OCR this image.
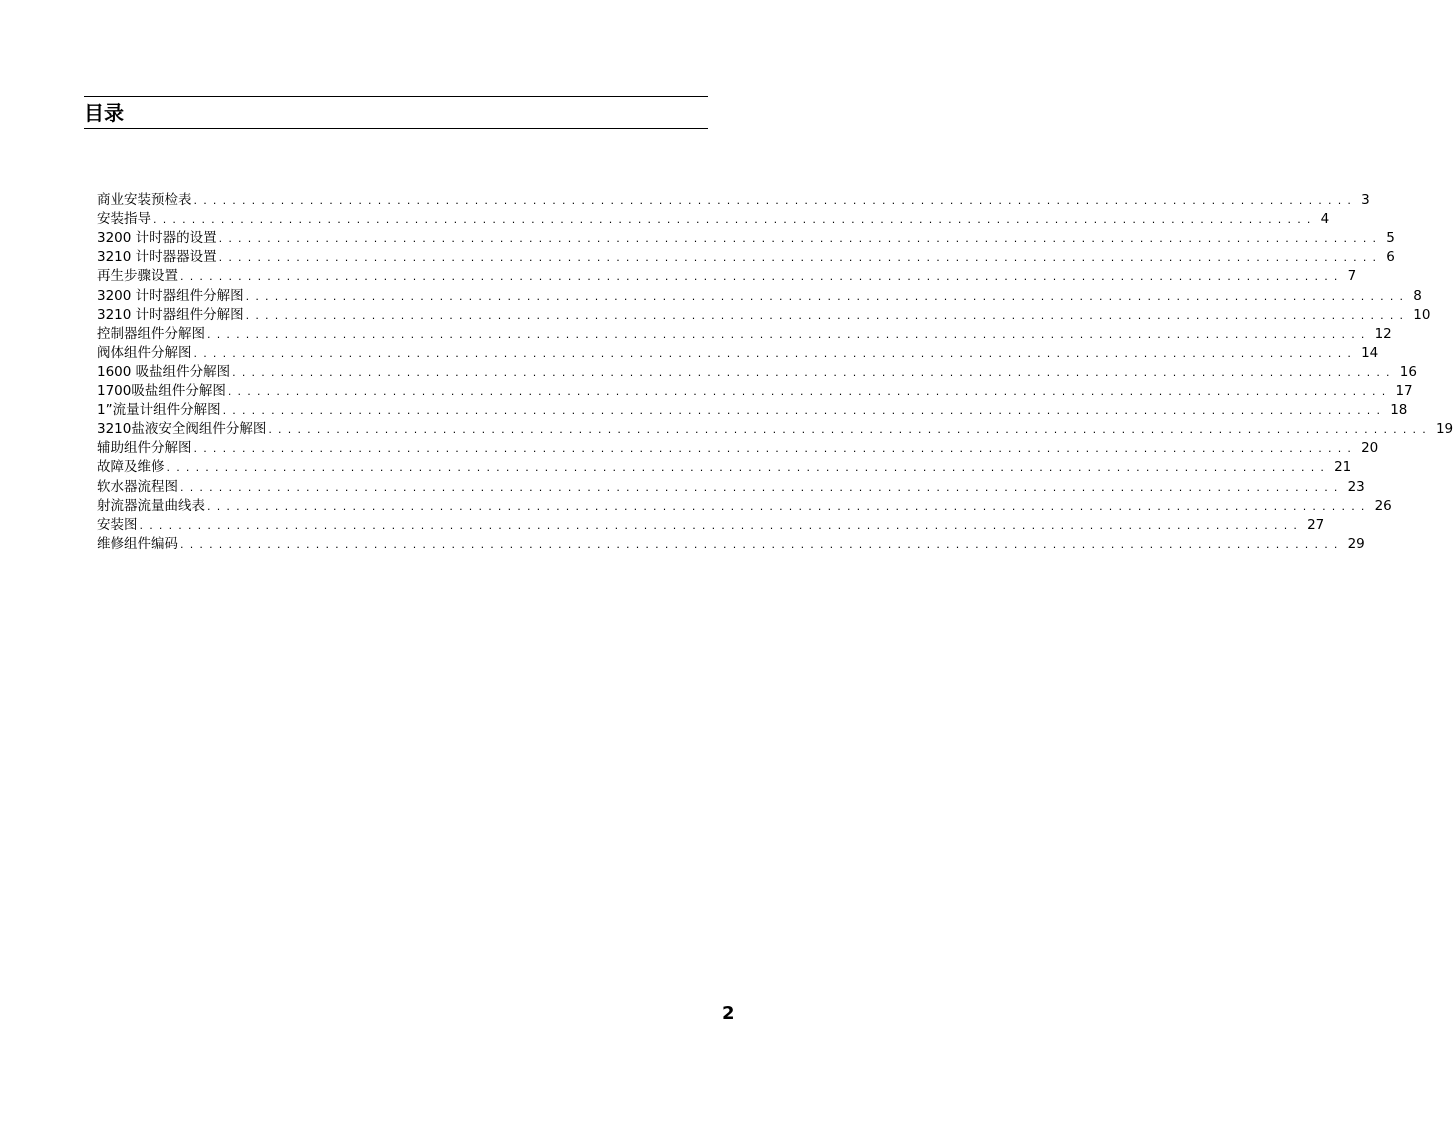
目录
商业安装预检表 ........................................................................................................................ 3
安装指导 ........................................................................................................................ 4
3200 计时器的设置 ........................................................................................................................ 5
3210 计时器器设置 ........................................................................................................................ 6
再生步骤设置 ........................................................................................................................ 7
3200 计时器组件分解图 ........................................................................................................................ 8
3210 计时器组件分解图 ........................................................................................................................ 10
控制器组件分解图 ........................................................................................................................ 12
阀体组件分解图 ........................................................................................................................ 14
1600 吸盐组件分解图 ........................................................................................................................ 16
1700吸盐组件分解图 ........................................................................................................................ 17
1”流量计组件分解图 ........................................................................................................................ 18
3210盐液安全阀组件分解图 ........................................................................................................................ 19
辅助组件分解图 ........................................................................................................................ 20
故障及维修 ........................................................................................................................ 21
软水器流程图 ........................................................................................................................ 23
射流器流量曲线表 ........................................................................................................................ 26
安装图 ........................................................................................................................ 27
维修组件编码 ........................................................................................................................ 29
2
